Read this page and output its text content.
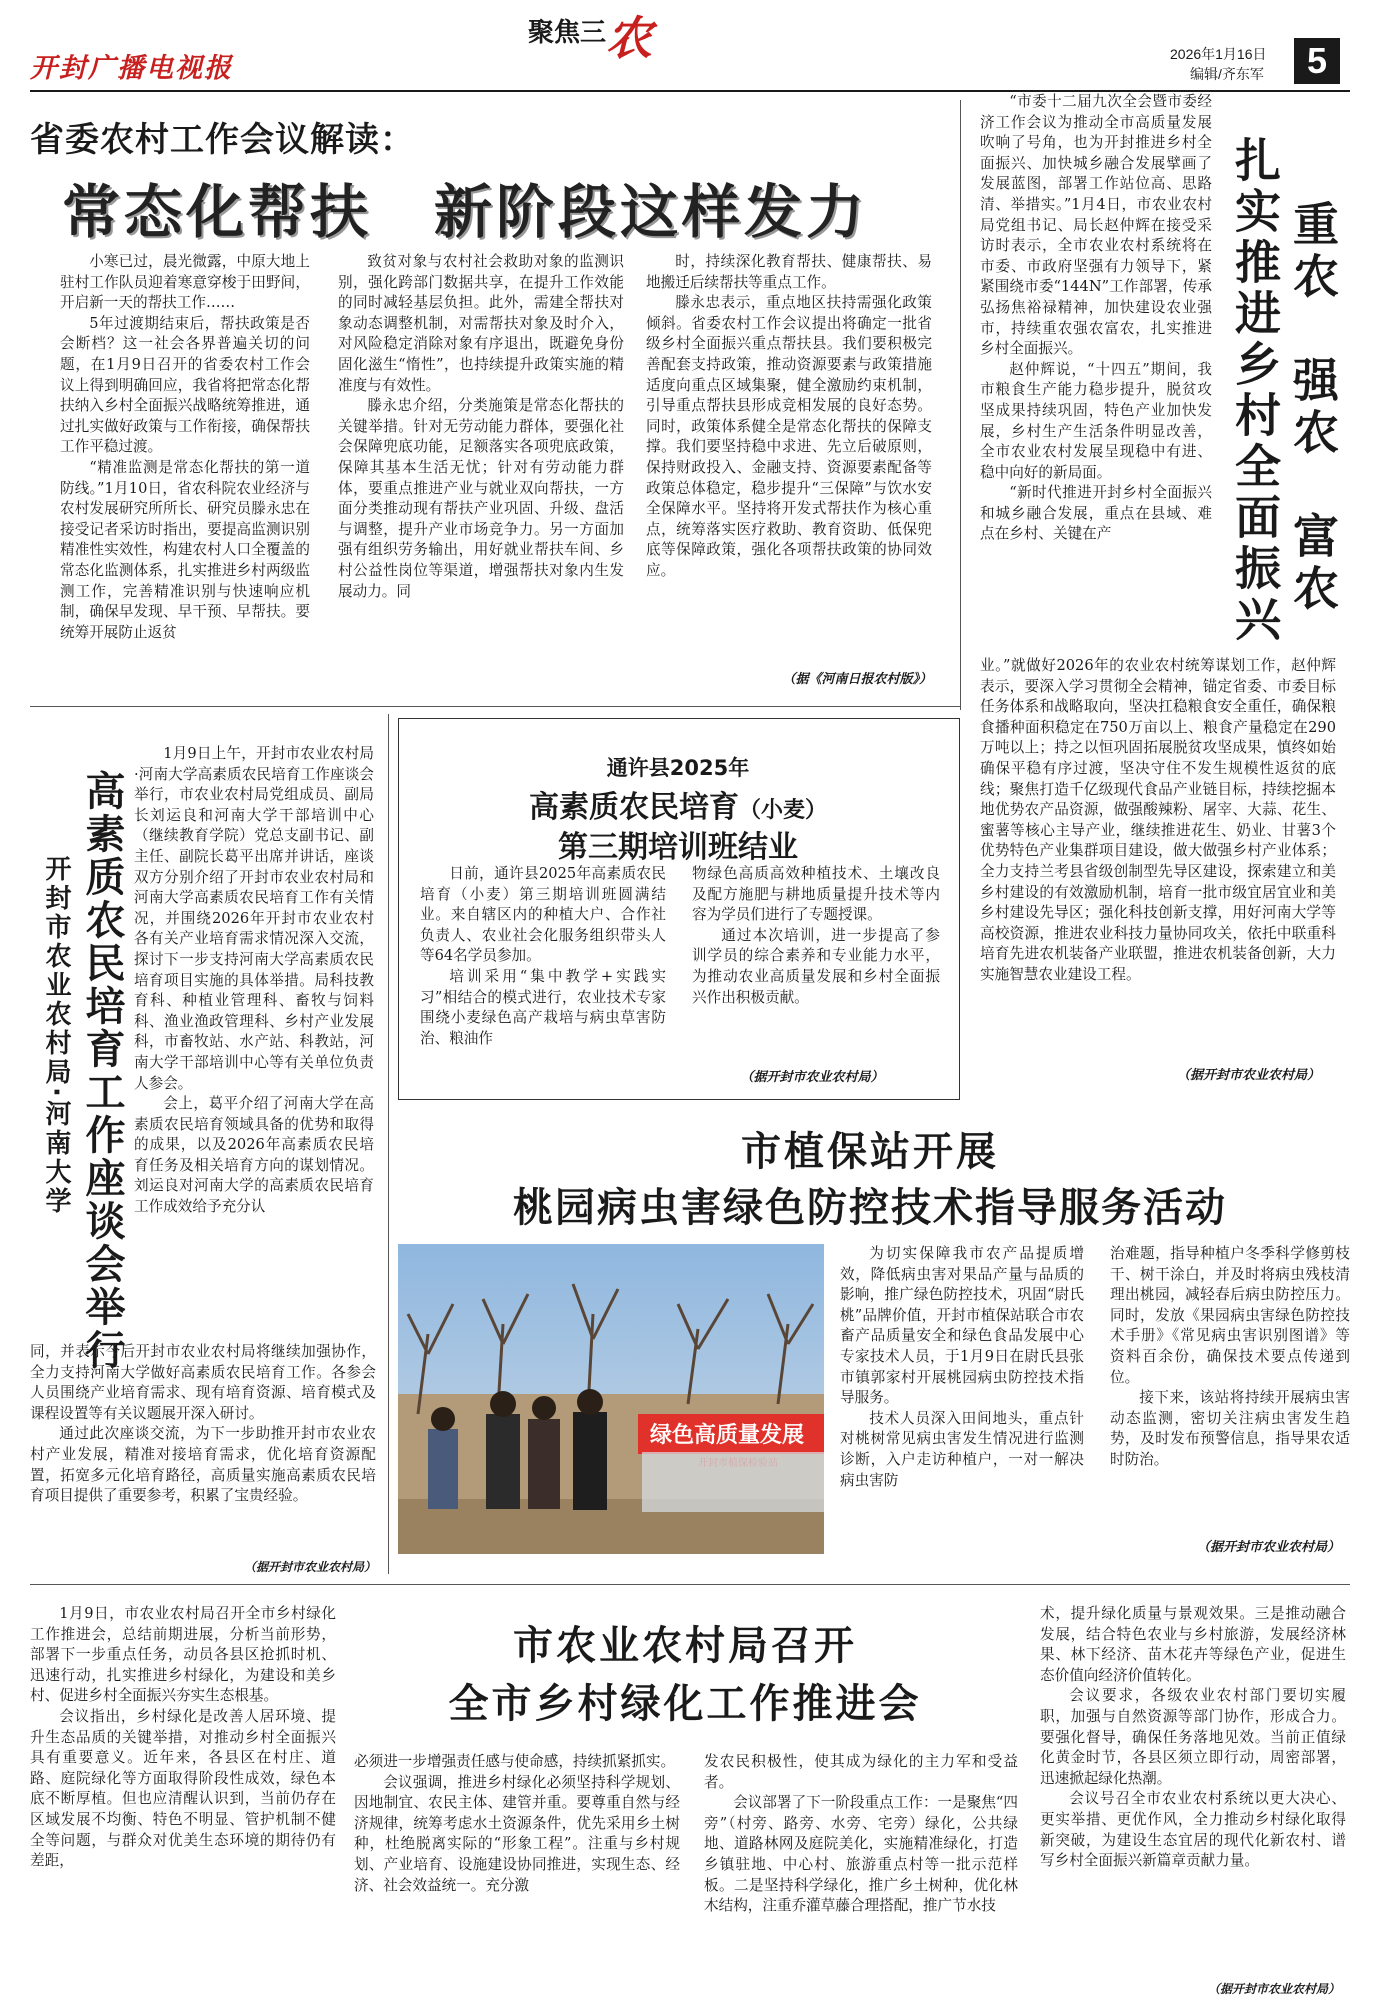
开封广播电视报
聚焦三农	2026年1月16日
编辑/齐东军	5
省委农村工作会议解读：
常态化帮扶　新阶段这样发力

小寒已过，晨光微露，中原大地上驻村工作队员迎着寒意穿梭于田野间，开启新一天的帮扶工作……

5年过渡期结束后，帮扶政策是否会断档？这一社会各界普遍关切的问题，在1月9日召开的省委农村工作会议上得到明确回应，我省将把常态化帮扶纳入乡村全面振兴战略统筹推进，通过扎实做好政策与工作衔接，确保帮扶工作平稳过渡。

“精准监测是常态化帮扶的第一道防线。”1月10日，省农科院农业经济与农村发展研究所所长、研究员滕永忠在接受记者采访时指出，要提高监测识别精准性实效性，构建农村人口全覆盖的常态化监测体系，扎实推进乡村两级监测工作，完善精准识别与快速响应机制，确保早发现、早干预、早帮扶。要统筹开展防止返贫

致贫对象与农村社会救助对象的监测识别，强化跨部门数据共享，在提升工作效能的同时减轻基层负担。此外，需建全帮扶对象动态调整机制，对需帮扶对象及时介入，对风险稳定消除对象有序退出，既避免身份固化滋生“惰性”，也持续提升政策实施的精准度与有效性。

滕永忠介绍，分类施策是常态化帮扶的关键举措。针对无劳动能力群体，要强化社会保障兜底功能，足额落实各项兜底政策，保障其基本生活无忧；针对有劳动能力群体，要重点推进产业与就业双向帮扶，一方面分类推动现有帮扶产业巩固、升级、盘活与调整，提升产业市场竞争力。另一方面加强有组织劳务输出，用好就业帮扶车间、乡村公益性岗位等渠道，增强帮扶对象内生发展动力。同

时，持续深化教育帮扶、健康帮扶、易地搬迁后续帮扶等重点工作。

滕永忠表示，重点地区扶持需强化政策倾斜。省委农村工作会议提出将确定一批省级乡村全面振兴重点帮扶县。我们要积极完善配套支持政策，推动资源要素与政策措施适度向重点区域集聚，健全激励约束机制，引导重点帮扶县形成竞相发展的良好态势。同时，政策体系健全是常态化帮扶的保障支撑。我们要坚持稳中求进、先立后破原则，保持财政投入、金融支持、资源要素配备等政策总体稳定，稳步提升“三保障”与饮水安全保障水平。坚持将开发式帮扶作为核心重点，统筹落实医疗救助、教育资助、低保兜底等保障政策，强化各项帮扶政策的协同效应。

（据《河南日报农村版》）
重农　强农　富农
扎实推进乡村全面振兴

“市委十二届九次全会暨市委经济工作会议为推动全市高质量发展吹响了号角，也为开封推进乡村全面振兴、加快城乡融合发展擘画了发展蓝图，部署工作站位高、思路清、举措实。”1月4日，市农业农村局党组书记、局长赵仲辉在接受采访时表示，全市农业农村系统将在市委、市政府坚强有力领导下，紧紧围绕市委“144N”工作部署，传承弘扬焦裕禄精神，加快建设农业强市，持续重农强农富农，扎实推进乡村全面振兴。

赵仲辉说，“十四五”期间，我市粮食生产能力稳步提升，脱贫攻坚成果持续巩固，特色产业加快发展，乡村生产生活条件明显改善，全市农业农村发展呈现稳中有进、稳中向好的新局面。

“新时代推进开封乡村全面振兴和城乡融合发展，重点在县域、难点在乡村、关键在产

业。”就做好2026年的农业农村统筹谋划工作，赵仲辉表示，要深入学习贯彻全会精神，锚定省委、市委目标任务体系和战略取向，坚决扛稳粮食安全重任，确保粮食播种面积稳定在750万亩以上、粮食产量稳定在290万吨以上；持之以恒巩固拓展脱贫攻坚成果，慎终如始确保平稳有序过渡，坚决守住不发生规模性返贫的底线；聚焦打造千亿级现代食品产业链目标，持续挖掘本地优势农产品资源，做强酸辣粉、屠宰、大蒜、花生、蜜薯等核心主导产业，继续推进花生、奶业、甘薯3个优势特色产业集群项目建设，做大做强乡村产业体系；全力支持兰考县省级创制型先导区建设，探索建立和美乡村建设的有效激励机制，培育一批市级宜居宜业和美乡村建设先导区；强化科技创新支撑，用好河南大学等高校资源，推进农业科技力量协同攻关，依托中联重科培育先进农机装备产业联盟，推进农机装备创新，大力实施智慧农业建设工程。
（据开封市农业农村局）
高素质农民培育工作座谈会举行
开封市农业农村局·河南大学

1月9日上午，开封市农业农村局·河南大学高素质农民培育工作座谈会举行，市农业农村局党组成员、副局长刘运良和河南大学干部培训中心（继续教育学院）党总支副书记、副主任、副院长葛平出席并讲话，座谈双方分别介绍了开封市农业农村局和河南大学高素质农民培育工作有关情况，并围绕2026年开封市农业农村各有关产业培育需求情况深入交流，探讨下一步支持河南大学高素质农民培育项目实施的具体举措。局科技教育科、种植业管理科、畜牧与饲料科、渔业渔政管理科、乡村产业发展科，市畜牧站、水产站、科教站，河南大学干部培训中心等有关单位负责人参会。

会上，葛平介绍了河南大学在高素质农民培育领域具备的优势和取得的成果，以及2026年高素质农民培育任务及相关培育方向的谋划情况。刘运良对河南大学的高素质农民培育工作成效给予充分认

同，并表示今后开封市农业农村局将继续加强协作，全力支持河南大学做好高素质农民培育工作。各参会人员围绕产业培育需求、现有培育资源、培育模式及课程设置等有关议题展开深入研讨。

通过此次座谈交流，为下一步助推开封市农业农村产业发展，精准对接培育需求，优化培育资源配置，拓宽多元化培育路径，高质量实施高素质农民培育项目提供了重要参考，积累了宝贵经验。

（据开封市农业农村局）
通许县2025年
高素质农民培育（小麦）
第三期培训班结业

日前，通许县2025年高素质农民培育（小麦）第三期培训班圆满结业。来自辖区内的种植大户、合作社负责人、农业社会化服务组织带头人等64名学员参加。

培训采用“集中教学+实践实习”相结合的模式进行，农业技术专家围绕小麦绿色高产栽培与病虫草害防治、粮油作

物绿色高质高效种植技术、土壤改良及配方施肥与耕地质量提升技术等内容为学员们进行了专题授课。

通过本次培训，进一步提高了参训学员的综合素养和专业能力水平，为推动农业高质量发展和乡村全面振兴作出积极贡献。

（据开封市农业农村局）
市植保站开展
桃园病虫害绿色防控技术指导服务活动
绿色高质量发展

为切实保障我市农产品提质增效，降低病虫害对果品产量与品质的影响，推广绿色防控技术，巩固“尉氏桃”品牌价值，开封市植保站联合市农畜产品质量安全和绿色食品发展中心专家技术人员，于1月9日在尉氏县张市镇郭家村开展桃园病虫防控技术指导服务。

技术人员深入田间地头，重点针对桃树常见病虫害发生情况进行监测诊断，入户走访种植户，一对一解决病虫害防

治难题，指导种植户冬季科学修剪枝干、树干涂白，并及时将病虫残枝清理出桃园，减轻春后病虫防控压力。同时，发放《果园病虫害绿色防控技术手册》《常见病虫害识别图谱》等资料百余份，确保技术要点传递到位。

接下来，该站将持续开展病虫害动态监测，密切关注病虫害发生趋势，及时发布预警信息，指导果农适时防治。

（据开封市农业农村局）
市农业农村局召开
全市乡村绿化工作推进会

1月9日，市农业农村局召开全市乡村绿化工作推进会，总结前期进展，分析当前形势，部署下一步重点任务，动员各县区抢抓时机、迅速行动，扎实推进乡村绿化，为建设和美乡村、促进乡村全面振兴夯实生态根基。

会议指出，乡村绿化是改善人居环境、提升生态品质的关键举措，对推动乡村全面振兴具有重要意义。近年来，各县区在村庄、道路、庭院绿化等方面取得阶段性成效，绿色本底不断厚植。但也应清醒认识到，当前仍存在区域发展不均衡、特色不明显、管护机制不健全等问题，与群众对优美生态环境的期待仍有差距，

必须进一步增强责任感与使命感，持续抓紧抓实。

会议强调，推进乡村绿化必须坚持科学规划、因地制宜、农民主体、建管并重。要尊重自然与经济规律，统筹考虑水土资源条件，优先采用乡土树种，杜绝脱离实际的“形象工程”。注重与乡村规划、产业培育、设施建设协同推进，实现生态、经济、社会效益统一。充分激

发农民积极性，使其成为绿化的主力军和受益者。

会议部署了下一阶段重点工作：一是聚焦“四旁”（村旁、路旁、水旁、宅旁）绿化，公共绿地、道路林网及庭院美化，实施精准绿化，打造乡镇驻地、中心村、旅游重点村等一批示范样板。二是坚持科学绿化，推广乡土树种，优化林木结构，注重乔灌草藤合理搭配，推广节水技

术，提升绿化质量与景观效果。三是推动融合发展，结合特色农业与乡村旅游，发展经济林果、林下经济、苗木花卉等绿色产业，促进生态价值向经济价值转化。

会议要求，各级农业农村部门要切实履职，加强与自然资源等部门协作，形成合力。要强化督导，确保任务落地见效。当前正值绿化黄金时节，各县区须立即行动，周密部署，迅速掀起绿化热潮。

会议号召全市农业农村系统以更大决心、更实举措、更优作风，全力推动乡村绿化取得新突破，为建设生态宜居的现代化新农村、谱写乡村全面振兴新篇章贡献力量。

（据开封市农业农村局）
